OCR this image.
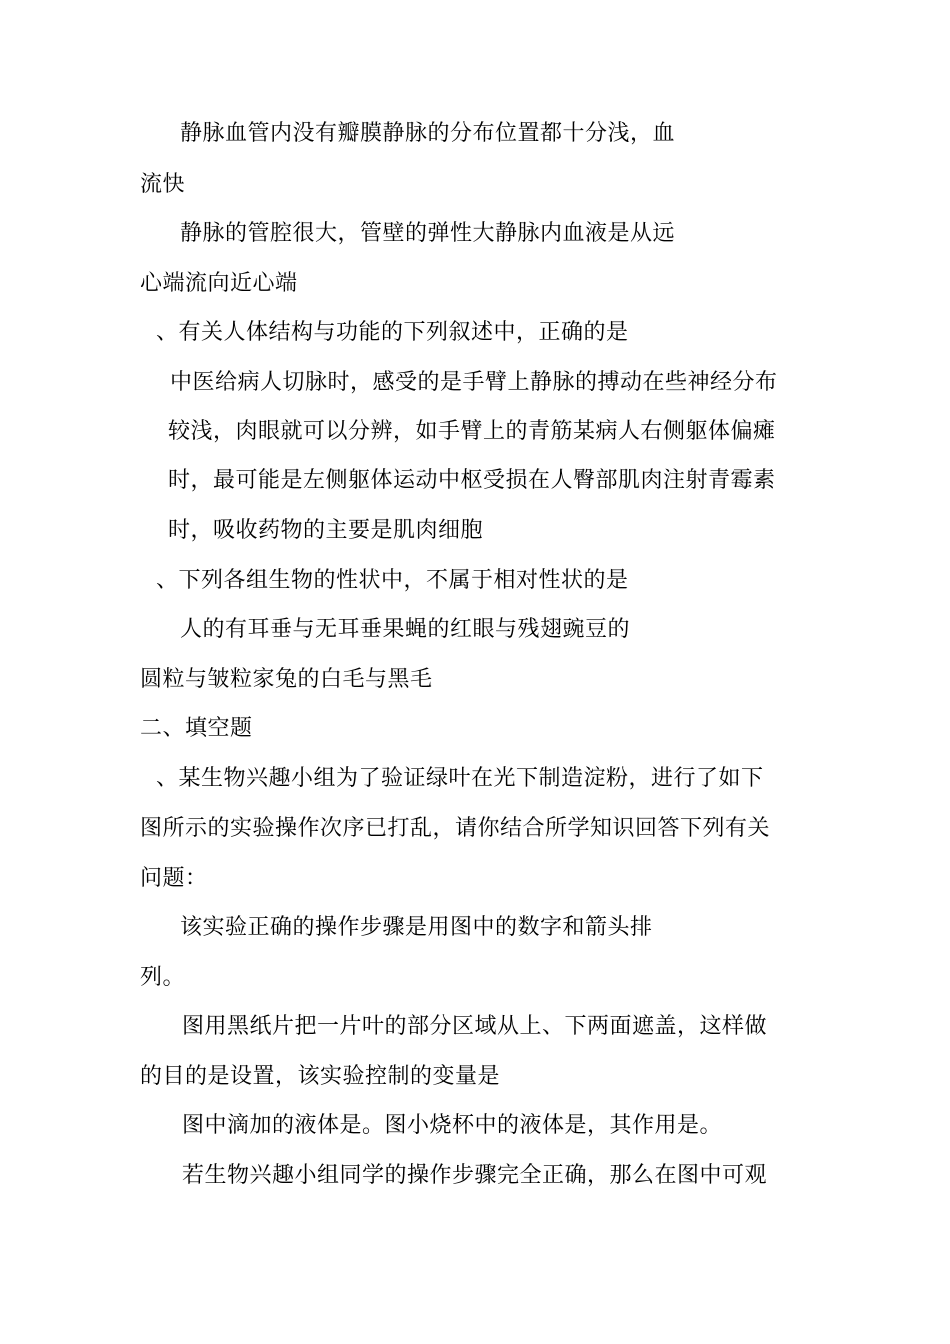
静脉血管内没有瓣膜静脉的分布位置都十分浅，血
流快
静脉的管腔很大，管壁的弹性大静脉内血液是从远
心端流向近心端
、有关人体结构与功能的下列叙述中，正确的是
中医给病人切脉时，感受的是手臂上静脉的搏动在些神经分布
较浅，肉眼就可以分辨，如手臂上的青筋某病人右侧躯体偏瘫
时，最可能是左侧躯体运动中枢受损在人臀部肌肉注射青霉素
时，吸收药物的主要是肌肉细胞
、下列各组生物的性状中，不属于相对性状的是
人的有耳垂与无耳垂果蝇的红眼与残翅豌豆的
圆粒与皱粒家兔的白毛与黑毛
二、填空题
、某生物兴趣小组为了验证绿叶在光下制造淀粉，进行了如下
图所示的实验操作次序已打乱，请你结合所学知识回答下列有关
问题：
该实验正确的操作步骤是用图中的数字和箭头排
列。
图用黑纸片把一片叶的部分区域从上、下两面遮盖，这样做
的目的是设置，该实验控制的变量是
图中滴加的液体是。图小烧杯中的液体是，其作用是。
若生物兴趣小组同学的操作步骤完全正确，那么在图中可观
